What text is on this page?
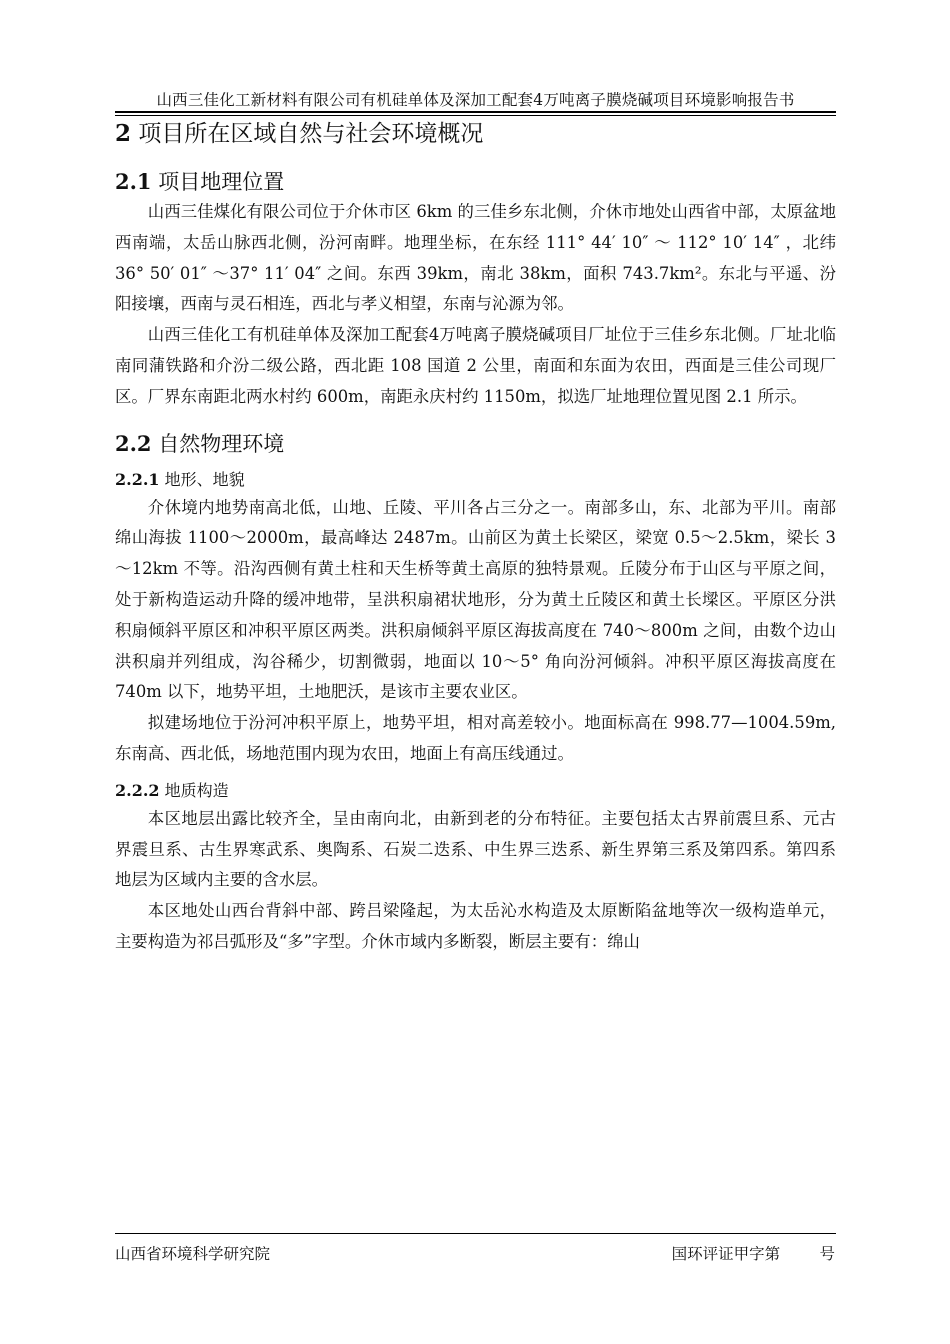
山西三佳化工新材料有限公司有机硅单体及深加工配套4万吨离子膜烧碱项目环境影响报告书
2 项目所在区域自然与社会环境概况
2.1 项目地理位置

山西三佳煤化有限公司位于介休市区 6km 的三佳乡东北侧，介休市地处山西省中部，太原盆地西南端，太岳山脉西北侧，汾河南畔。地理坐标，在东经 111° 44′ 10″ ～ 112° 10′ 14″ ，北纬 36° 50′ 01″ ～37° 11′ 04″ 之间。东西 39km，南北 38km，面积 743.7km²。东北与平遥、汾阳接壤，西南与灵石相连，西北与孝义相望，东南与沁源为邻。

山西三佳化工有机硅单体及深加工配套4万吨离子膜烧碱项目厂址位于三佳乡东北侧。厂址北临南同蒲铁路和介汾二级公路，西北距 108 国道 2 公里，南面和东面为农田，西面是三佳公司现厂区。厂界东南距北两水村约 600m，南距永庆村约 1150m，拟选厂址地理位置见图 2.1 所示。

2.2 自然物理环境
2.2.1 地形、地貌

介休境内地势南高北低，山地、丘陵、平川各占三分之一。南部多山，东、北部为平川。南部绵山海拔 1100～2000m，最高峰达 2487m。山前区为黄土长梁区，梁宽 0.5～2.5km，梁长 3～12km 不等。沿沟西侧有黄土柱和天生桥等黄土高原的独特景观。丘陵分布于山区与平原之间，处于新构造运动升降的缓冲地带，呈洪积扇裙状地形，分为黄土丘陵区和黄土长墚区。平原区分洪积扇倾斜平原区和冲积平原区两类。洪积扇倾斜平原区海拔高度在 740～800m 之间，由数个边山洪积扇并列组成，沟谷稀少，切割微弱，地面以 10～5° 角向汾河倾斜。冲积平原区海拔高度在 740m 以下，地势平坦，土地肥沃，是该市主要农业区。

拟建场地位于汾河冲积平原上，地势平坦，相对高差较小。地面标高在 998.77—1004.59m,东南高、西北低，场地范围内现为农田，地面上有高压线通过。

2.2.2 地质构造

本区地层出露比较齐全，呈由南向北，由新到老的分布特征。主要包括太古界前震旦系、元古界震旦系、古生界寒武系、奥陶系、石炭二迭系、中生界三迭系、新生界第三系及第四系。第四系地层为区域内主要的含水层。

本区地处山西台背斜中部、跨吕梁隆起，为太岳沁水构造及太原断陷盆地等次一级构造单元，主要构造为祁吕弧形及“多”字型。介休市域内多断裂，断层主要有：绵山

山西省环境科学研究院	国环评证甲字第        号
